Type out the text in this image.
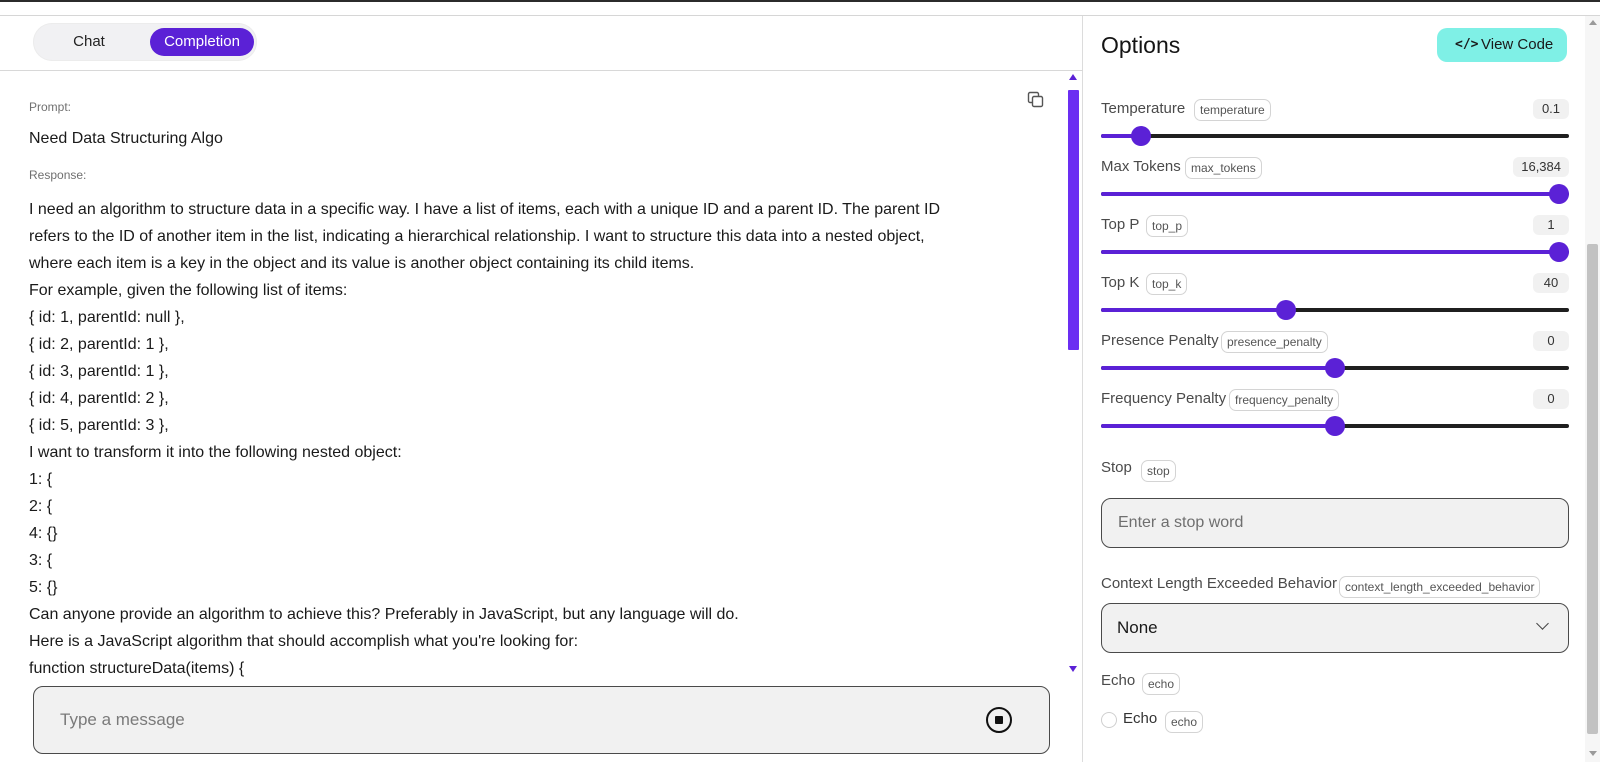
Chat	Completion
Prompt:
Need Data Structuring Algo
Response:
I need an algorithm to structure data in a specific way. I have a list of items, each with a unique ID and a parent ID. The parent ID
refers to the ID of another item in the list, indicating a hierarchical relationship. I want to structure this data into a nested object,
where each item is a key in the object and its value is another object containing its child items.
For example, given the following list of items:
{ id: 1, parentId: null },
{ id: 2, parentId: 1 },
{ id: 3, parentId: 1 },
{ id: 4, parentId: 2 },
{ id: 5, parentId: 3 },
I want to transform it into the following nested object:
1: {
2: {
4: {}
3: {
5: {}
Can anyone provide an algorithm to achieve this? Preferably in JavaScript, but any language will do.
Here is a JavaScript algorithm that should accomplish what you're looking for:
function structureData(items) {
Type a message
Options	</> View Code
Temperature	temperature	0.1
Max Tokens max_tokens	16,384
Top P	top_p	1
Top K	top_k	40
Presence Penalty presence_penalty	0
Frequency Penalty frequency_penalty	0
Stop	stop
Enter a stop word
Context Length Exceeded Behavior context_length_exceeded_behavior
None
Echo	echo
Echo	echo
